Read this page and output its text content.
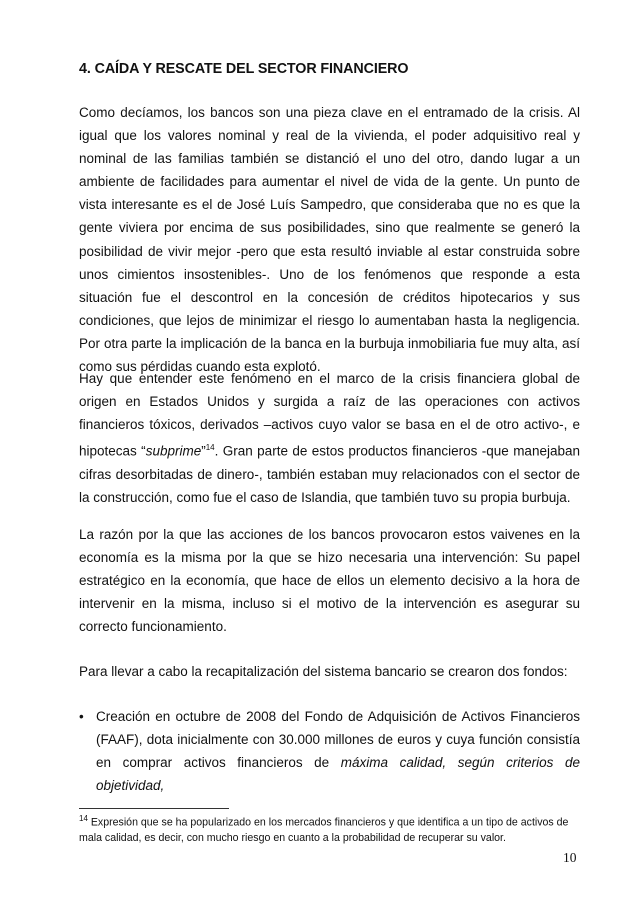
4. CAÍDA Y RESCATE DEL SECTOR FINANCIERO

Como decíamos, los bancos son una pieza clave en el entramado de la crisis. Al igual que los valores nominal y real de la vivienda, el poder adquisitivo real y nominal de las familias también se distanció el uno del otro, dando lugar a un ambiente de facilidades para aumentar el nivel de vida de la gente. Un punto de vista interesante es el de José Luís Sampedro, que consideraba que no es que la gente viviera por encima de sus posibilidades, sino que realmente se generó la posibilidad de vivir mejor -pero que esta resultó inviable al estar construida sobre unos cimientos insostenibles-. Uno de los fenómenos que responde a esta situación fue el descontrol en la concesión de créditos hipotecarios y sus condiciones, que lejos de minimizar el riesgo lo aumentaban hasta la negligencia. Por otra parte la implicación de la banca en la burbuja inmobiliaria fue muy alta, así como sus pérdidas cuando esta explotó.

Hay que entender este fenómeno en el marco de la crisis financiera global de origen en Estados Unidos y surgida a raíz de las operaciones con activos financieros tóxicos, derivados –activos cuyo valor se basa en el de otro activo-, e hipotecas “subprime”$^{14}$. Gran parte de estos productos financieros -que manejaban cifras desorbitadas de dinero-, también estaban muy relacionados con el sector de la construcción, como fue el caso de Islandia, que también tuvo su propia burbuja.

La razón por la que las acciones de los bancos provocaron estos vaivenes en la economía es la misma por la que se hizo necesaria una intervención: Su papel estratégico en la economía, que hace de ellos un elemento decisivo a la hora de intervenir en la misma, incluso si el motivo de la intervención es asegurar su correcto funcionamiento.

Para llevar a cabo la recapitalización del sistema bancario se crearon dos fondos:

• Creación en octubre de 2008 del Fondo de Adquisición de Activos Financieros (FAAF), dota inicialmente con 30.000 millones de euros y cuya función consistía en comprar activos financieros de máxima calidad, según criterios de objetividad,

$^{14}$ Expresión que se ha popularizado en los mercados financieros y que identifica a un tipo de activos de mala calidad, es decir, con mucho riesgo en cuanto a la probabilidad de recuperar su valor.

10
